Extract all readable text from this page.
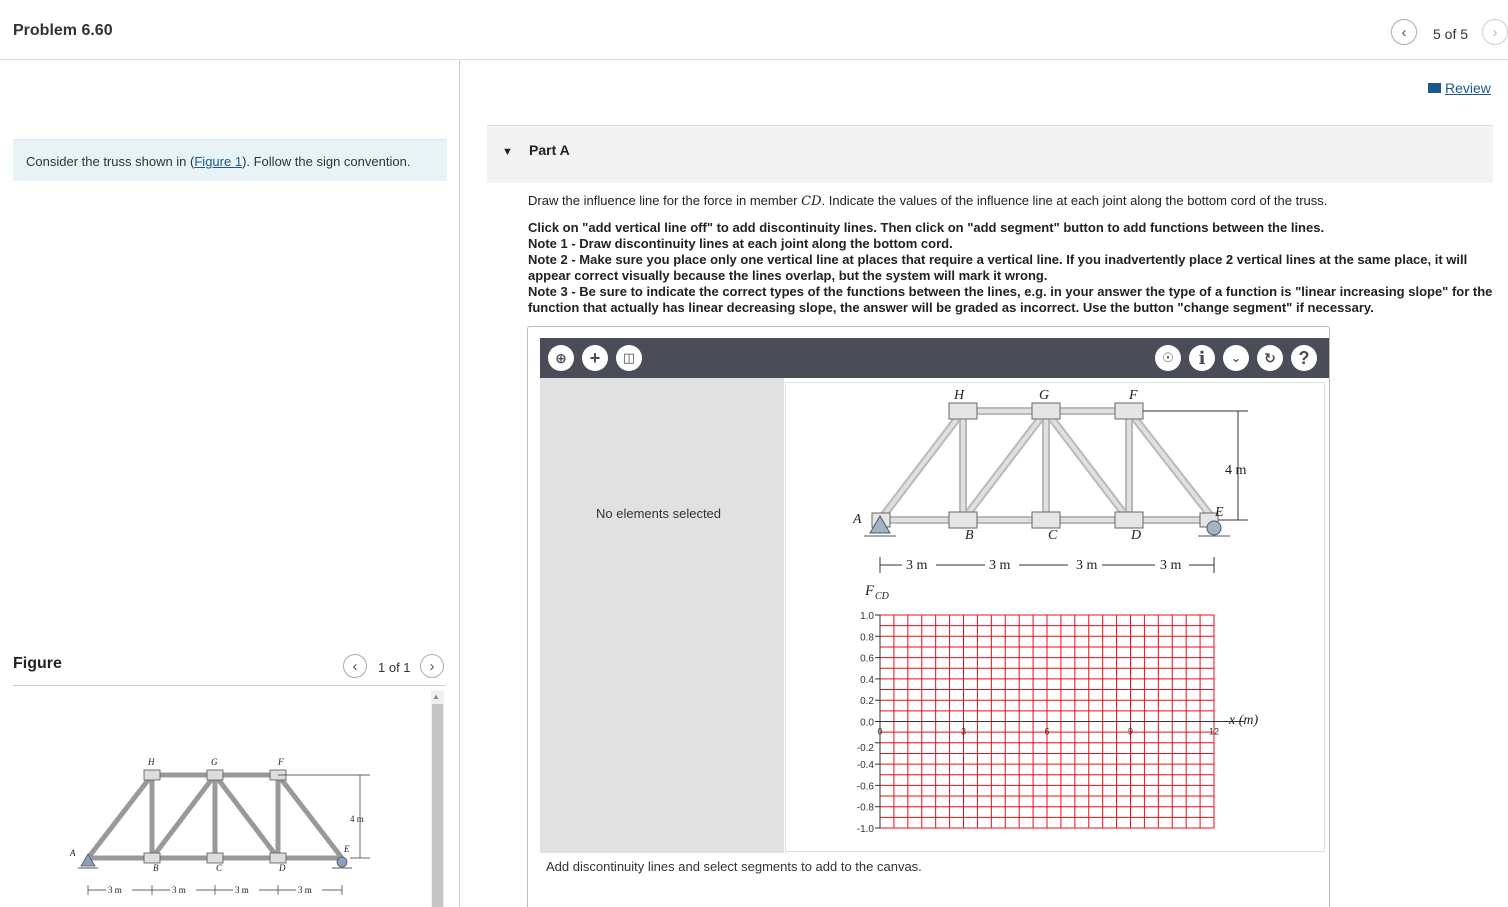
Problem 6.60	‹ 5 of 5 ›
Consider the truss shown in (Figure 1). Follow the sign convention.
Figure	‹ 1 of 1 ›
H	G	F
A
B	C	D
E
3 m	3 m	3 m	3 m
4 m
▲
Review
▼ Part A
Draw the influence line for the force in member CD. Indicate the values of the influence line at each joint along the bottom cord of the truss.
Click on "add vertical line off" to add discontinuity lines. Then click on "add segment" button to add functions between the lines.
Note 1 - Draw discontinuity lines at each joint along the bottom cord.
Note 2 - Make sure you place only one vertical line at places that require a vertical line. If you inadvertently place 2 vertical lines at the same place, it will appear correct visually because the lines overlap, but the system will mark it wrong.
Note 3 - Be sure to indicate the correct types of the functions between the lines, e.g. in your answer the type of a function is "linear increasing slope" for the function that actually has linear decreasing slope, the answer will be graded as incorrect. Use the button "change segment" if necessary.
⊕ + ◫	☉ i ⌄ ↻ ?
No elements selected
H	G	F
A
B	C	D
E
3 m	3 m	3 m	3 m
4 m
F CD
1.0
0.8
0.6
0.4
0.2
0.0
-0.2
-0.4
-0.6
-0.8
-1.0
0	3	6	9	12
x (m)
Add discontinuity lines and select segments to add to the canvas.
